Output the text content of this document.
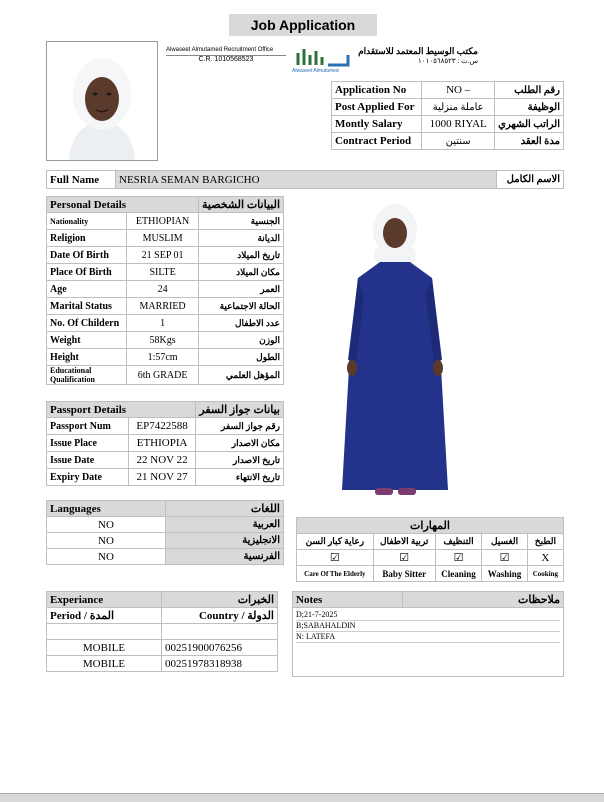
Job Application
Alwaseet Almutamed Recruitment Office
C.R. 1010568523
Alwaseet Almutamed
مكتب الوسيط المعتمد للاستقدام
س.ت : ١٠١٠٥٦٨٥٢٣
Application No	NO –	رقم الطلب
Post Applied For	عاملة منزلية	الوظيفة
Montly Salary	1000 RIYAL	الراتب الشهري
Contract Period	سنتين	مدة العقد
Full Name	NESRIA SEMAN BARGICHO	الاسم الكامل
Personal Details		البيانات الشخصية
Nationality	ETHIOPIAN	الجنسية
Religion	MUSLIM	الديانة
Date Of Birth	21 SEP 01	تاريخ الميلاد
Place Of Birth	SILTE	مكان الميلاد
Age	24	العمر
Marital Status	MARRIED	الحالة الاجتماعية
No. Of Childern	1	عدد الاطفال
Weight	58Kgs	الوزن
Height	1:57cm	الطول
Educational Qualification	6th GRADE	المؤهل العلمي
Passport Details		بيانات جواز السفر
Passport Num	EP7422588	رقم جواز السفر
Issue Place	ETHIOPIA	مكان الاصدار
Issue Date	22 NOV 22	تاريخ الاصدار
Expiry Date	21 NOV 27	تاريخ الانتهاء
Languages	اللغات
NO	العربية
NO	الانجليزية
NO	الفرنسية
المهارات				
رعاية كبار السن	تربية الاطفال	التنظيف	الغسيل	الطبخ
☑	☑	☑	☑	X
Care Of The Elderly	Baby Sitter	Cleaning	Washing	Cooking
Experiance	الخبرات
Period / المدة	Country / الدولة

MOBILE	00251900076256
MOBILE	00251978318938
Notes	ملاحظات

D;21-7-2025
B;SABAHALDIN
N: LATEFA
